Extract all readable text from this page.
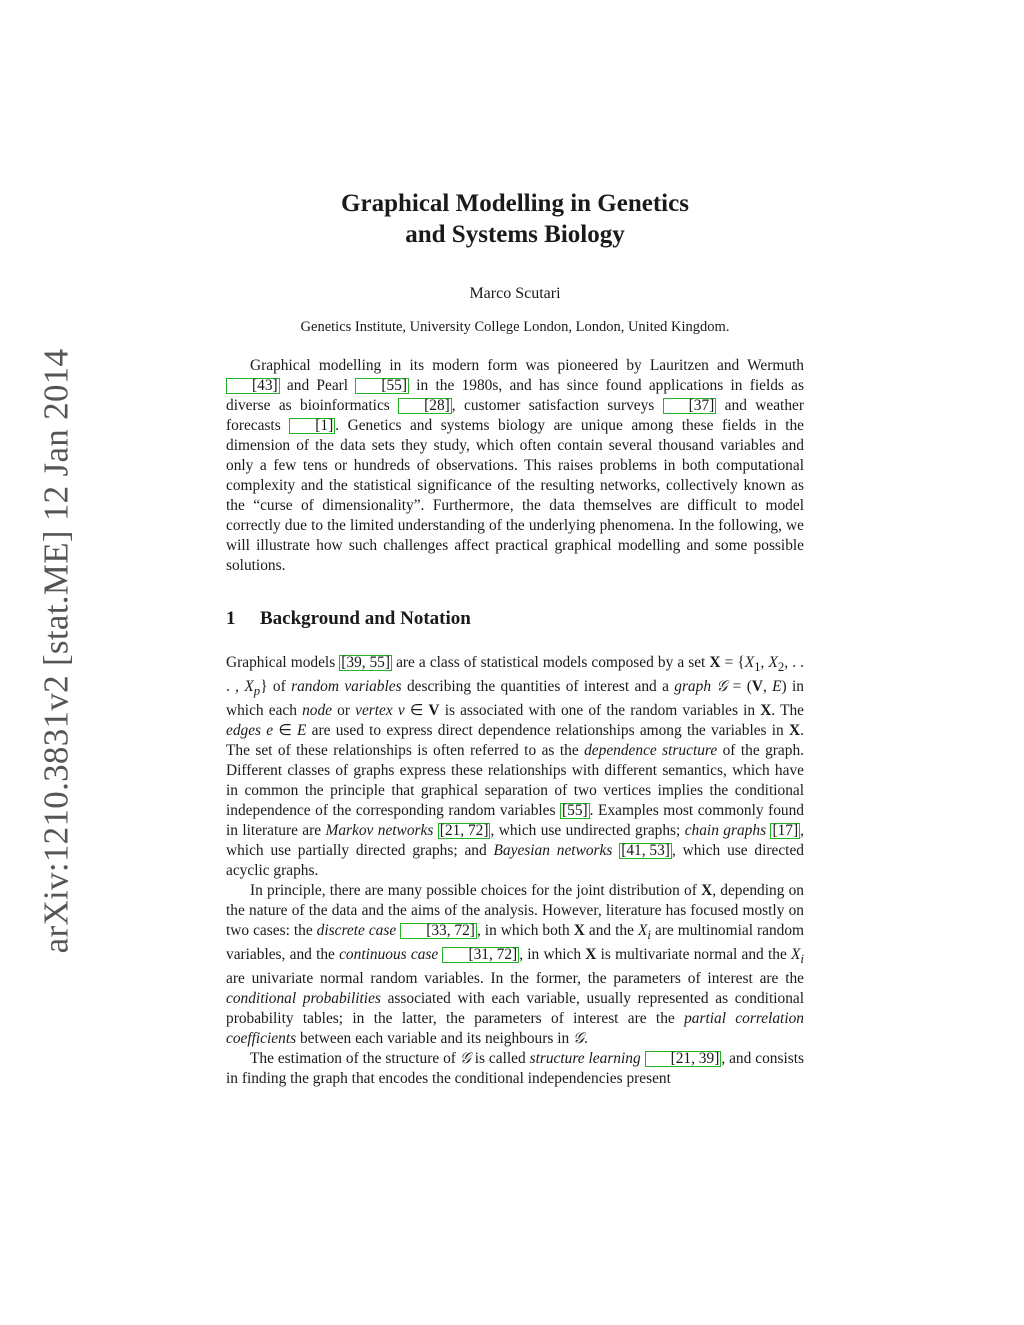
arXiv:1210.3831v2 [stat.ME] 12 Jan 2014
Graphical Modelling in Genetics
and Systems Biology
Marco Scutari
Genetics Institute, University College London, London, United Kingdom.

Graphical modelling in its modern form was pioneered by Lauritzen and Wermuth [43] and Pearl [55] in the 1980s, and has since found applications in fields as diverse as bioinformatics [28] , customer satisfaction surveys [37] and weather forecasts [1] . Genetics and systems biology are unique among these fields in the dimension of the data sets they study, which often contain several thousand variables and only a few tens or hundreds of observations. This raises problems in both computational complexity and the statistical significance of the resulting networks, collectively known as the “curse of dimensionality”. Furthermore, the data themselves are difficult to model correctly due to the limited understanding of the underlying phenomena. In the following, we will illustrate how such challenges affect practical graphical modelling and some possible solutions.

1 Background and Notation

Graphical models [39, 55] are a class of statistical models composed by a set $X = \{X_1$, $X_2$, . . . , $X_p$} of random variables describing the quantities of interest and a graph 𝒢 = (V, E) in which each node or vertex v ∈ V is associated with one of the random variables in X. The edges e ∈ E are used to express direct dependence relationships among the variables in X. The set of these relationships is often referred to as the dependence structure of the graph. Different classes of graphs express these relationships with different semantics, which have in common the principle that graphical separation of two vertices implies the conditional independence of the corresponding random variables [55] . Examples most commonly found in literature are Markov networks [21, 72] , which use undirected graphs; chain graphs [17] , which use partially directed graphs; and Bayesian networks [41, 53] , which use directed acyclic graphs.

In principle, there are many possible choices for the joint distribution of X, depending on the nature of the data and the aims of the analysis. However, literature has focused mostly on two cases: the discrete case [33, 72] , in which both X and the $X_i$ are multinomial random variables, and the continuous case [31, 72] , in which X is multivariate normal and the $X_i$ are univariate normal random variables. In the former, the parameters of interest are the conditional probabilities associated with each variable, usually represented as conditional probability tables; in the latter, the parameters of interest are the partial correlation coefficients between each variable and its neighbours in 𝒢.

The estimation of the structure of 𝒢 is called structure learning [21, 39] , and consists in finding the graph that encodes the conditional independencies present
